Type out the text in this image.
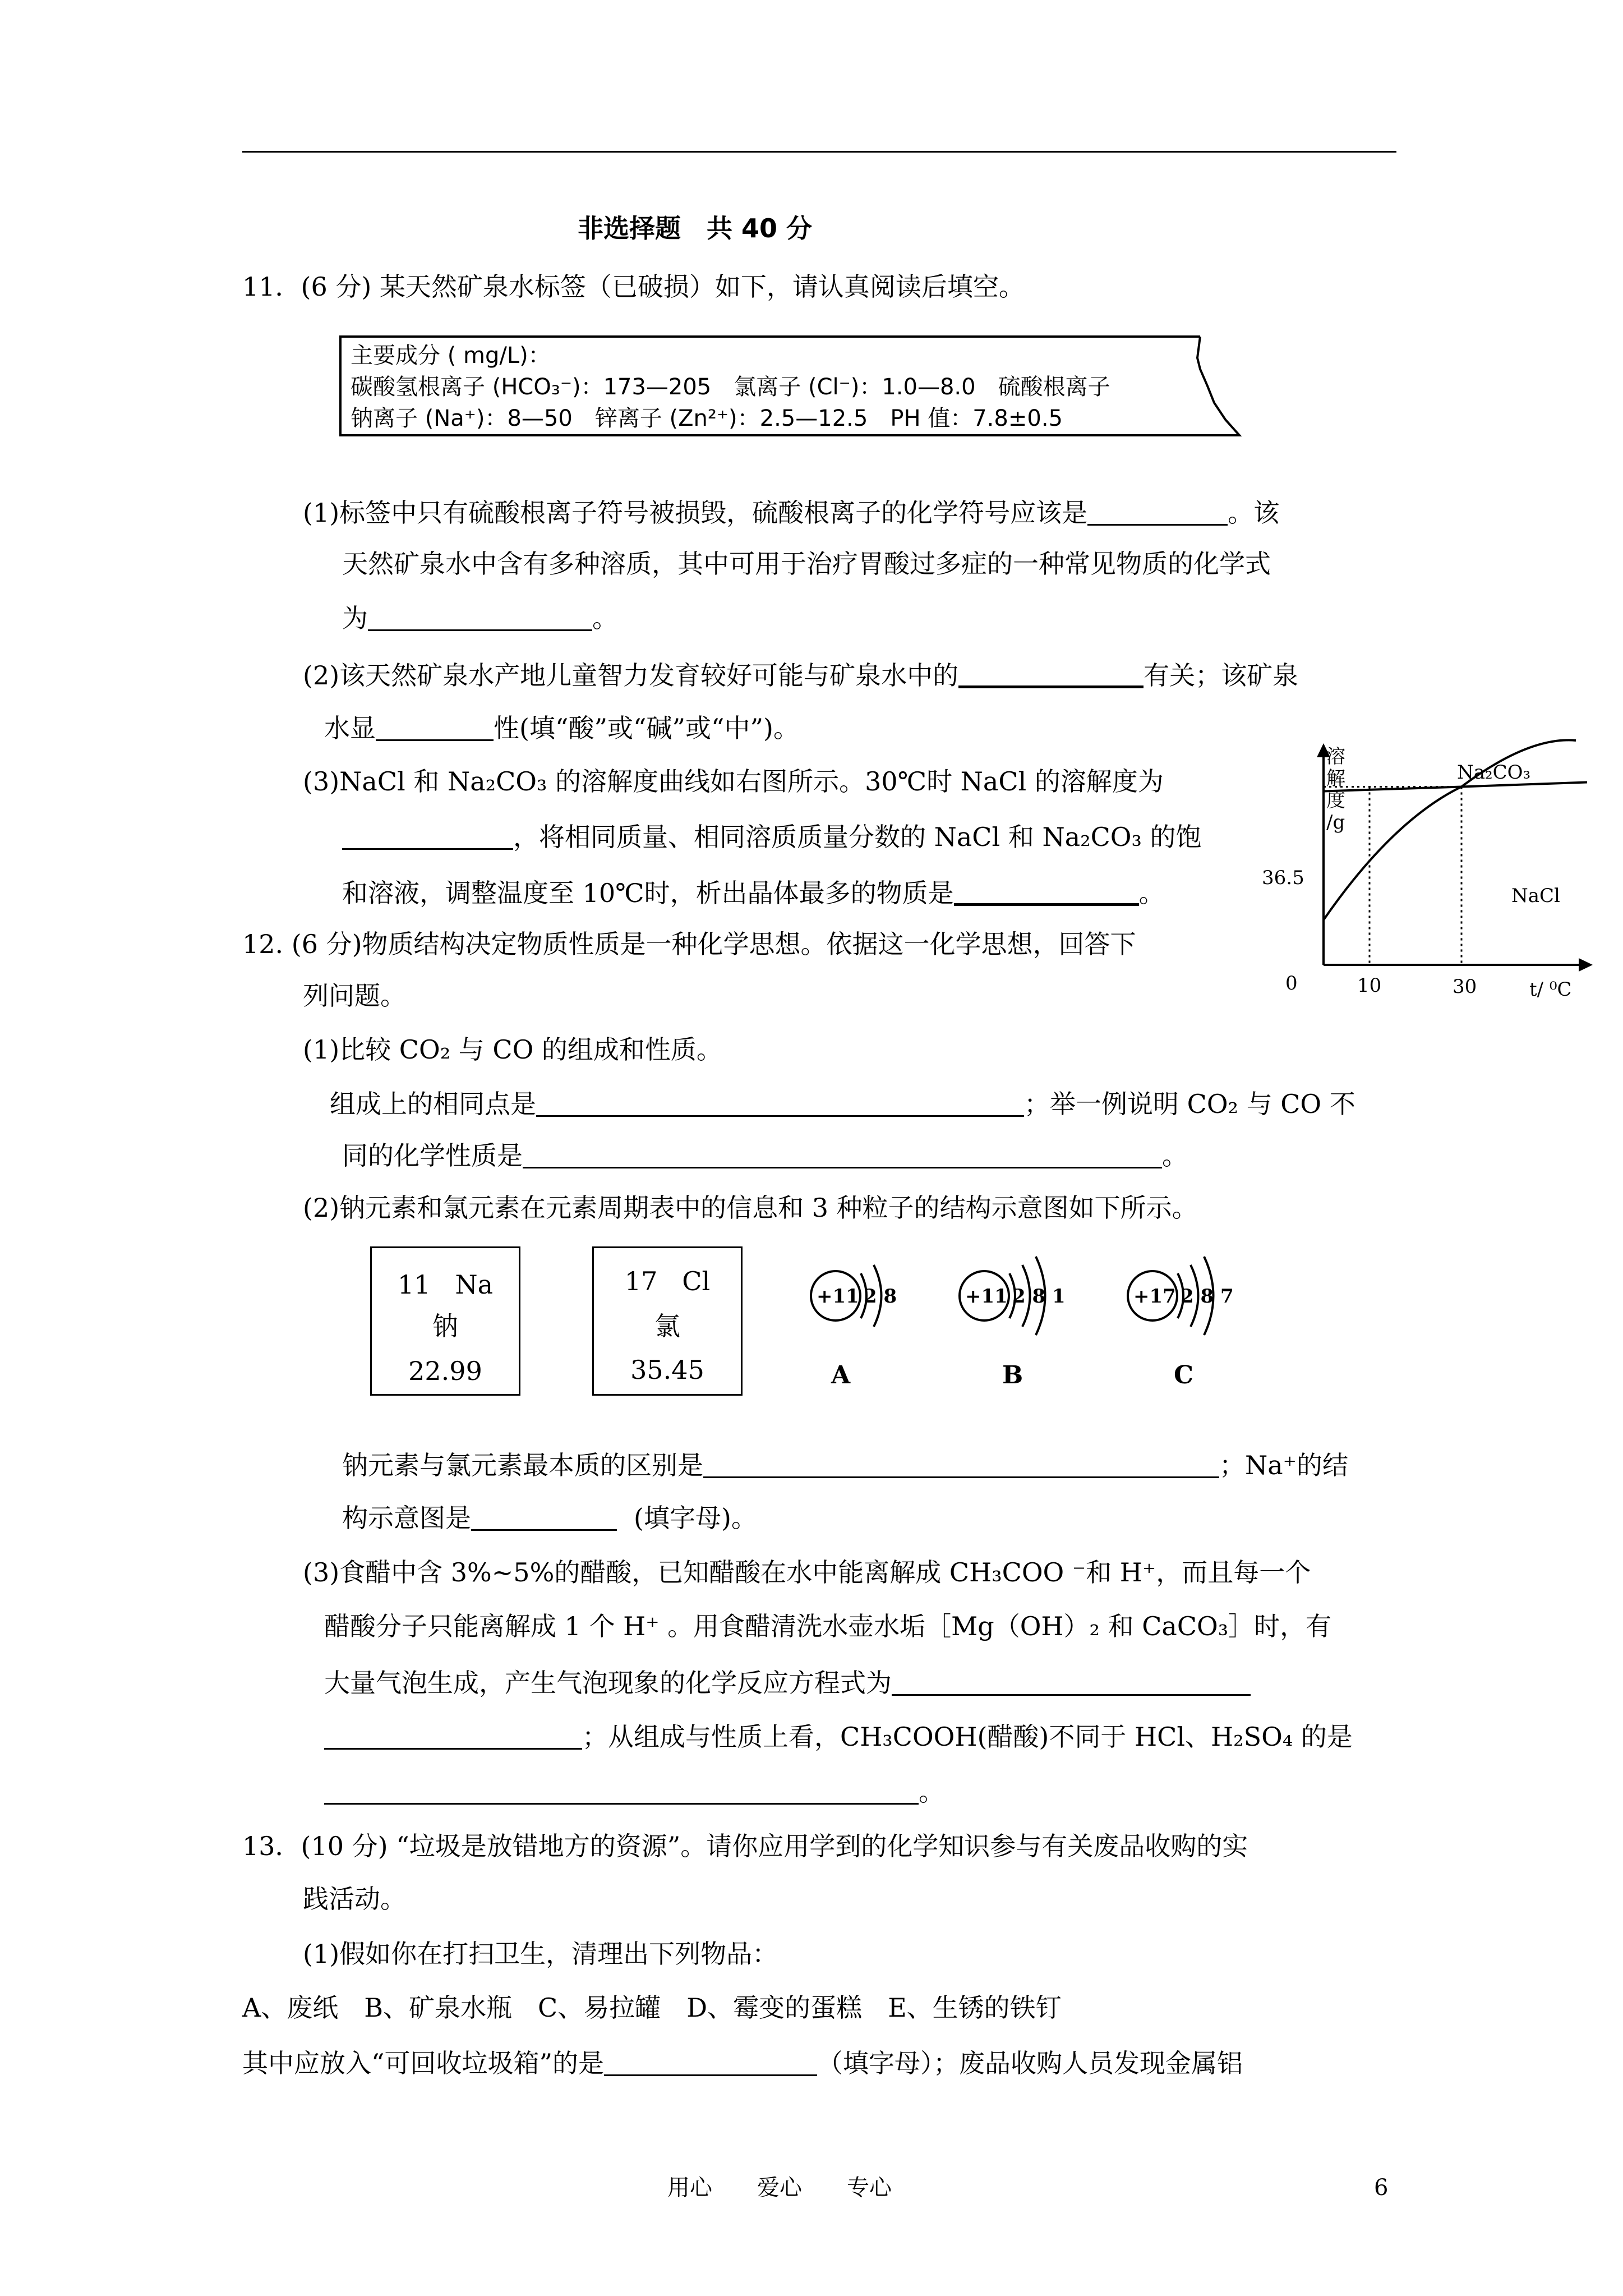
非选择题　共 40 分
11．(6 分) 某天然矿泉水标签（已破损）如下，请认真阅读后填空。
主要成分 ( mg/L)：
碳酸氢根离子 (HCO₃⁻)：173—205　氯离子 (Cl⁻)：1.0—8.0　硫酸根离子
钠离子 (Na⁺)：8—50　锌离子 (Zn²⁺)：2.5—12.5　PH 值：7.8±0.5
(1)标签中只有硫酸根离子符号被损毁，硫酸根离子的化学符号应该是	。该
天然矿泉水中含有多种溶质，其中可用于治疗胃酸过多症的一种常见物质的化学式
为	。
(2)该天然矿泉水产地儿童智力发育较好可能与矿泉水中的	有关；该矿泉
水显	性(填“酸”或“碱”或“中”)。
(3)NaCl 和 Na₂CO₃ 的溶解度曲线如右图所示。30℃时 NaCl 的溶解度为
，将相同质量、相同溶质质量分数的 NaCl 和 Na₂CO₃ 的饱
和溶液，调整温度至 10℃时，析出晶体最多的物质是	。
溶解度 /g
Na₂CO₃
NaCl
36.5
0	10	30	t/ ⁰C
12. (6 分)物质结构决定物质性质是一种化学思想。依据这一化学思想，回答下
列问题。
(1)比较 CO₂ 与 CO 的组成和性质。
组成上的相同点是	；举一例说明 CO₂ 与 CO 不
同的化学性质是	。
(2)钠元素和氯元素在元素周期表中的信息和 3 种粒子的结构示意图如下所示。
11 Na
钠
22.99
17 Cl
氯
35.45
+11 2 8
A
+11 2 8 1
B
+17 2 8 7
C
钠元素与氯元素最本质的区别是	；Na⁺的结
构示意图是	(填字母)。
(3)食醋中含 3%~5%的醋酸，已知醋酸在水中能离解成 CH₃COO ⁻和 H⁺，而且每一个
醋酸分子只能离解成 1 个 H⁺ 。用食醋清洗水壶水垢［Mg（OH）₂ 和 CaCO₃］时，有
大量气泡生成，产生气泡现象的化学反应方程式为
；从组成与性质上看，CH₃COOH(醋酸)不同于 HCl、H₂SO₄ 的是
。
13．(10 分) “垃圾是放错地方的资源”。请你应用学到的化学知识参与有关废品收购的实
践活动。
(1)假如你在打扫卫生，清理出下列物品：
A、废纸　B、矿泉水瓶　C、易拉罐　D、霉变的蛋糕　E、生锈的铁钉
其中应放入“可回收垃圾箱”的是	（填字母）；废品收购人员发现金属铝
用心　　爱心　　专心	6
